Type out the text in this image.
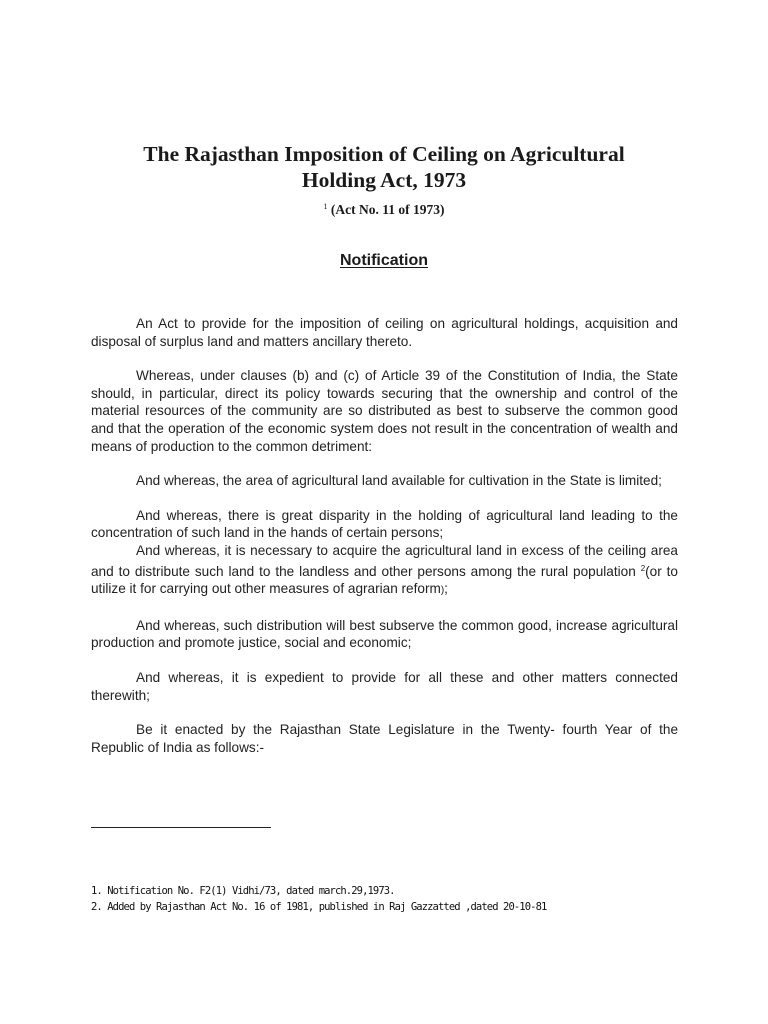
The Rajasthan Imposition of Ceiling on Agricultural
Holding Act, 1973
$^1$ (Act No. 11 of 1973)
Notification

An Act to provide for the imposition of ceiling on agricultural holdings, acquisition and disposal of surplus land and matters ancillary thereto.

Whereas, under clauses (b) and (c) of Article 39 of the Constitution of India, the State should, in particular, direct its policy towards securing that the ownership and control of the material resources of the community are so distributed as best to subserve the common good and that the operation of the economic system does not result in the concentration of wealth and means of production to the common detriment:

And whereas, the area of agricultural land available for cultivation in the State is limited;

And whereas, there is great disparity in the holding of agricultural land leading to the concentration of such land in the hands of certain persons;

And whereas, it is necessary to acquire the agricultural land in excess of the ceiling area and to distribute such land to the landless and other persons among the rural population $^2$(or to utilize it for carrying out other measures of agrarian reform);

And whereas, such distribution will best subserve the common good, increase agricultural production and promote justice, social and economic;

And whereas, it is expedient to provide for all these and other matters connected therewith;

Be it enacted by the Rajasthan State Legislature in the Twenty- fourth Year of the Republic of India as follows:-

1. Notification No. F2(1) Vidhi/73, dated march.29,1973.
2. Added by Rajasthan Act No. 16 of 1981, published in Raj Gazzatted ,dated 20-10-81
